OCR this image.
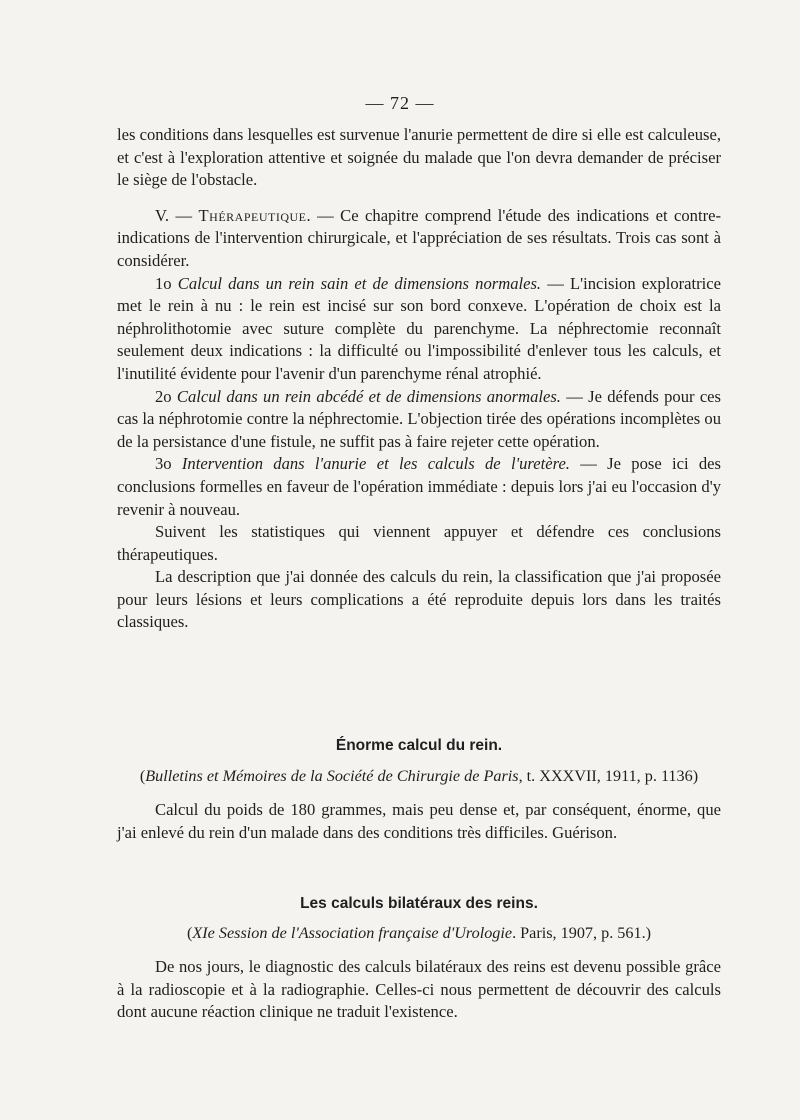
— 72 —

les conditions dans lesquelles est survenue l'anurie permettent de dire si elle est calculeuse, et c'est à l'exploration attentive et soignée du malade que l'on devra demander de préciser le siège de l'obstacle.

V. — Thérapeutique. — Ce chapitre comprend l'étude des indications et contre-indications de l'intervention chirurgicale, et l'appréciation de ses résultats. Trois cas sont à considérer.

1o Calcul dans un rein sain et de dimensions normales. — L'incision exploratrice met le rein à nu : le rein est incisé sur son bord conxeve. L'opération de choix est la néphrolithotomie avec suture complète du parenchyme. La néphrectomie reconnaît seulement deux indications : la difficulté ou l'impossibilité d'enlever tous les calculs, et l'inutilité évidente pour l'avenir d'un parenchyme rénal atrophié.

2o Calcul dans un rein abcédé et de dimensions anormales. — Je défends pour ces cas la néphrotomie contre la néphrectomie. L'objection tirée des opérations incomplètes ou de la persistance d'une fistule, ne suffit pas à faire rejeter cette opération.

3o Intervention dans l'anurie et les calculs de l'uretère. — Je pose ici des conclusions formelles en faveur de l'opération immédiate : depuis lors j'ai eu l'occasion d'y revenir à nouveau.

Suivent les statistiques qui viennent appuyer et défendre ces conclusions thérapeutiques.

La description que j'ai donnée des calculs du rein, la classification que j'ai proposée pour leurs lésions et leurs complications a été reproduite depuis lors dans les traités classiques.

Énorme calcul du rein.
(Bulletins et Mémoires de la Société de Chirurgie de Paris, t. XXXVII, 1911, p. 1136)

Calcul du poids de 180 grammes, mais peu dense et, par conséquent, énorme, que j'ai enlevé du rein d'un malade dans des conditions très difficiles. Guérison.

Les calculs bilatéraux des reins.
(XIe Session de l'Association française d'Urologie. Paris, 1907, p. 561.)

De nos jours, le diagnostic des calculs bilatéraux des reins est devenu possible grâce à la radioscopie et à la radiographie. Celles-ci nous permettent de découvrir des calculs dont aucune réaction clinique ne traduit l'existence.
